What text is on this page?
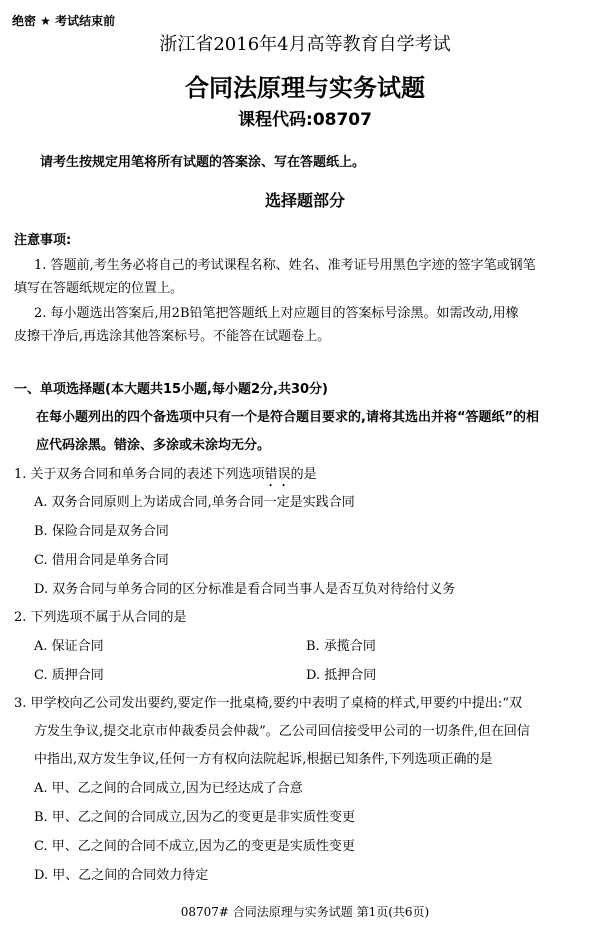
绝密 ★ 考试结束前
浙江省2016年4月高等教育自学考试
合同法原理与实务试题
课程代码:08707
请考生按规定用笔将所有试题的答案涂、写在答题纸上。
选择题部分
注意事项:
1. 答题前,考生务必将自己的考试课程名称、姓名、准考证号用黑色字迹的签字笔或钢笔
填写在答题纸规定的位置上。
2. 每小题选出答案后,用2B铅笔把答题纸上对应题目的答案标号涂黑。如需改动,用橡
皮擦干净后,再选涂其他答案标号。不能答在试题卷上。
一、单项选择题(本大题共15小题,每小题2分,共30分)
在每小题列出的四个备选项中只有一个是符合题目要求的,请将其选出并将“答题纸”的相
应代码涂黑。错涂、多涂或未涂均无分。
1. 关于双务合同和单务合同的表述下列选项错误的是
A. 双务合同原则上为诺成合同,单务合同一定是实践合同
B. 保险合同是双务合同
C. 借用合同是单务合同
D. 双务合同与单务合同的区分标准是看合同当事人是否互负对待给付义务
2. 下列选项不属于从合同的是
A. 保证合同	B. 承揽合同
C. 质押合同	D. 抵押合同
3. 甲学校向乙公司发出要约,要定作一批桌椅,要约中表明了桌椅的样式,甲要约中提出:“双
方发生争议,提交北京市仲裁委员会仲裁”。乙公司回信接受甲公司的一切条件,但在回信
中指出,双方发生争议,任何一方有权向法院起诉,根据已知条件,下列选项正确的是
A. 甲、乙之间的合同成立,因为已经达成了合意
B. 甲、乙之间的合同成立,因为乙的变更是非实质性变更
C. 甲、乙之间的合同不成立,因为乙的变更是实质性变更
D. 甲、乙之间的合同效力待定
08707# 合同法原理与实务试题 第1页(共6页)
